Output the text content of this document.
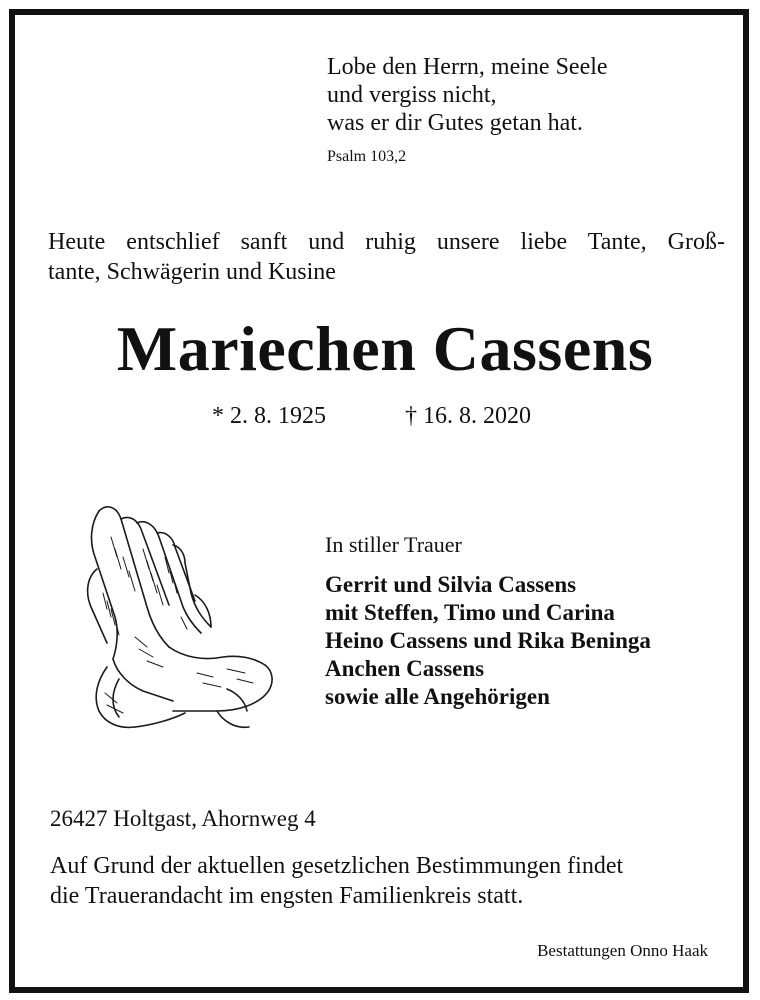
Lobe den Herrn, meine Seele
und vergiss nicht,
was er dir Gutes getan hat.
Psalm 103,2
Heute entschlief sanft und ruhig unsere liebe Tante, Groß-
tante, Schwägerin und Kusine
Mariechen Cassens
* 2. 8. 1925	† 16. 8. 2020
In stiller Trauer
Gerrit und Silvia Cassens
mit Steffen, Timo und Carina
Heino Cassens und Rika Beninga
Anchen Cassens
sowie alle Angehörigen
26427 Holtgast, Ahornweg 4
Auf Grund der aktuellen gesetzlichen Bestimmungen findet
die Trauerandacht im engsten Familienkreis statt.
Bestattungen Onno Haak
